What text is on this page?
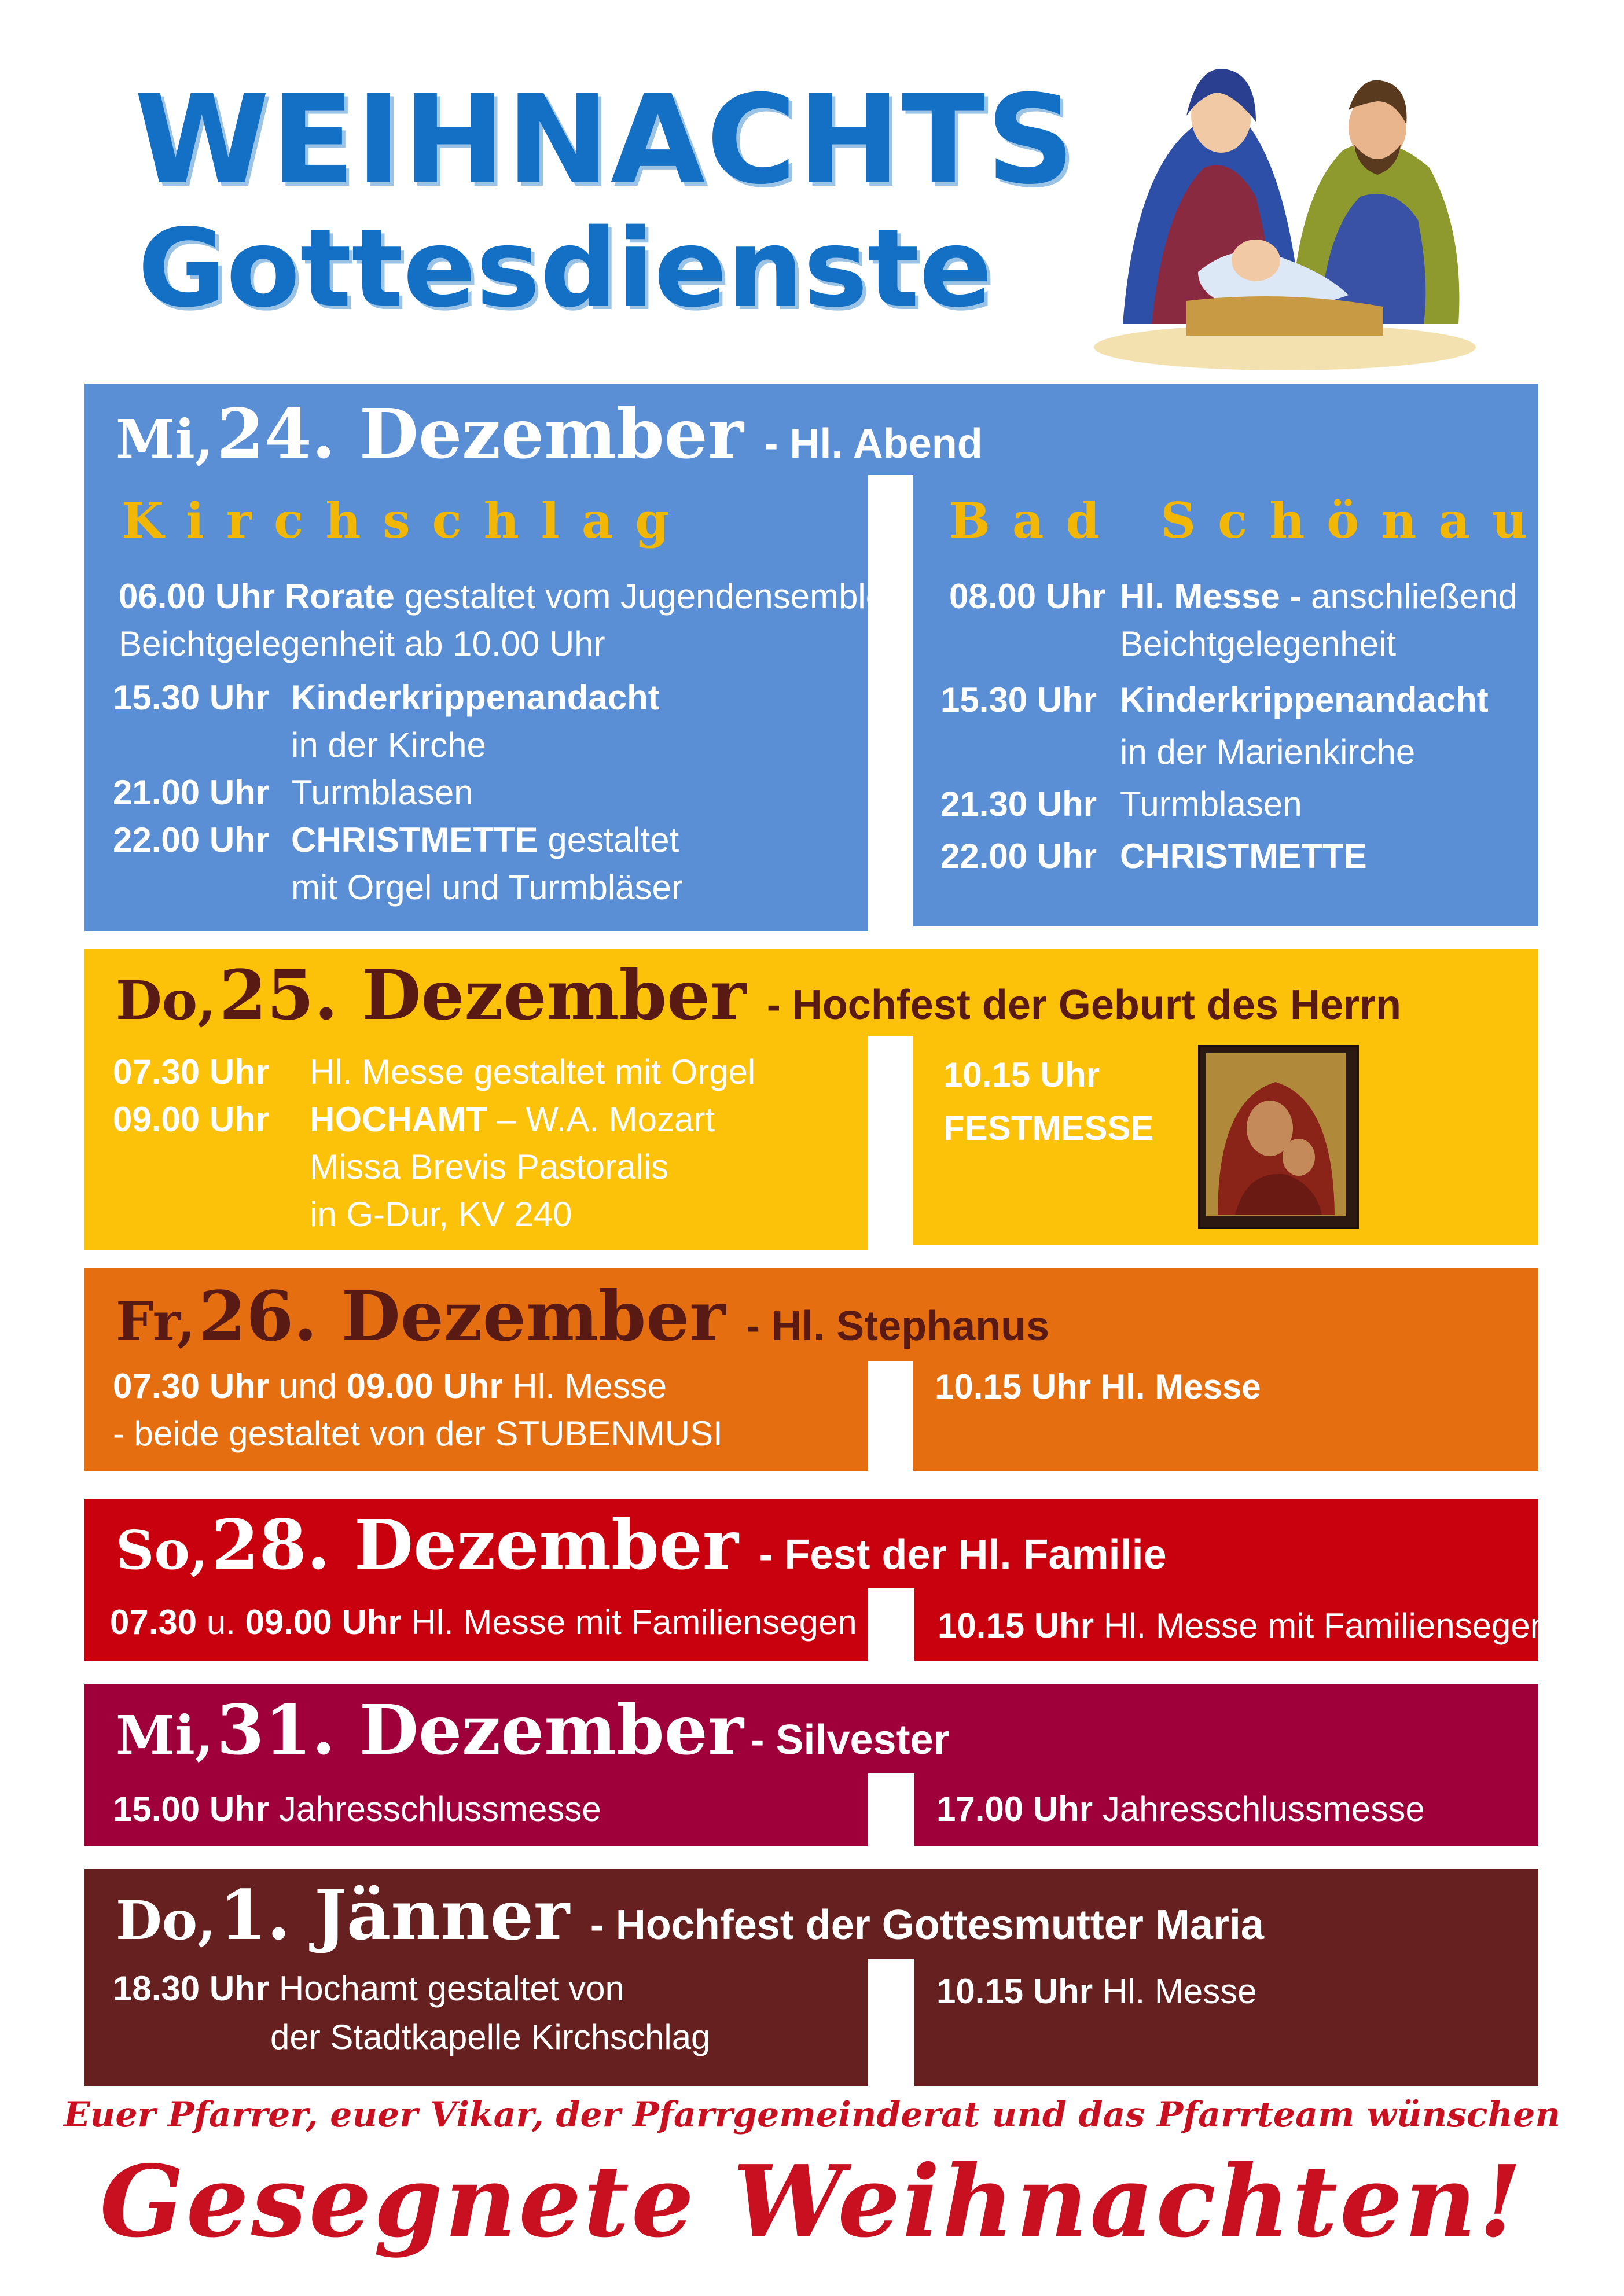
WEIHNACHTS
Gottesdienste
Mi, 24. Dezember - Hl. Abend
Kirchschlag	Bad Schönau
06.00 Uhr Rorate gestaltet vom Jugendensemble
Beichtgelegenheit ab 10.00 Uhr
15.30 Uhr Kinderkrippenandacht
in der Kirche
21.00 Uhr Turmblasen
22.00 Uhr CHRISTMETTE gestaltet
mit Orgel und Turmbläser
08.00 Uhr Hl. Messe - anschließend
Beichtgelegenheit
15.30 Uhr Kinderkrippenandacht
in der Marienkirche
21.30 Uhr Turmblasen
22.00 Uhr CHRISTMETTE
Do, 25. Dezember - Hochfest der Geburt des Herrn
07.30 Uhr Hl. Messe gestaltet mit Orgel
09.00 Uhr HOCHAMT – W.A. Mozart
Missa Brevis Pastoralis
in G-Dur, KV 240
10.15 Uhr
FESTMESSE
Fr, 26. Dezember - Hl. Stephanus
07.30 Uhr und 09.00 Uhr Hl. Messe
- beide gestaltet von der STUBENMUSI
10.15 Uhr Hl. Messe
So, 28. Dezember - Fest der Hl. Familie
07.30 u. 09.00 Uhr Hl. Messe mit Familiensegen 10.15 Uhr Hl. Messe mit Familiensegen
Mi, 31. Dezember - Silvester
15.00 Uhr Jahresschlussmesse	17.00 Uhr Jahresschlussmesse
Do, 1. Jänner - Hochfest der Gottesmutter Maria
18.30 Uhr Hochamt gestaltet von
der Stadtkapelle Kirchschlag
10.15 Uhr Hl. Messe
Euer Pfarrer, euer Vikar, der Pfarrgemeinderat und das Pfarrteam wünschen
Gesegnete Weihnachten!
